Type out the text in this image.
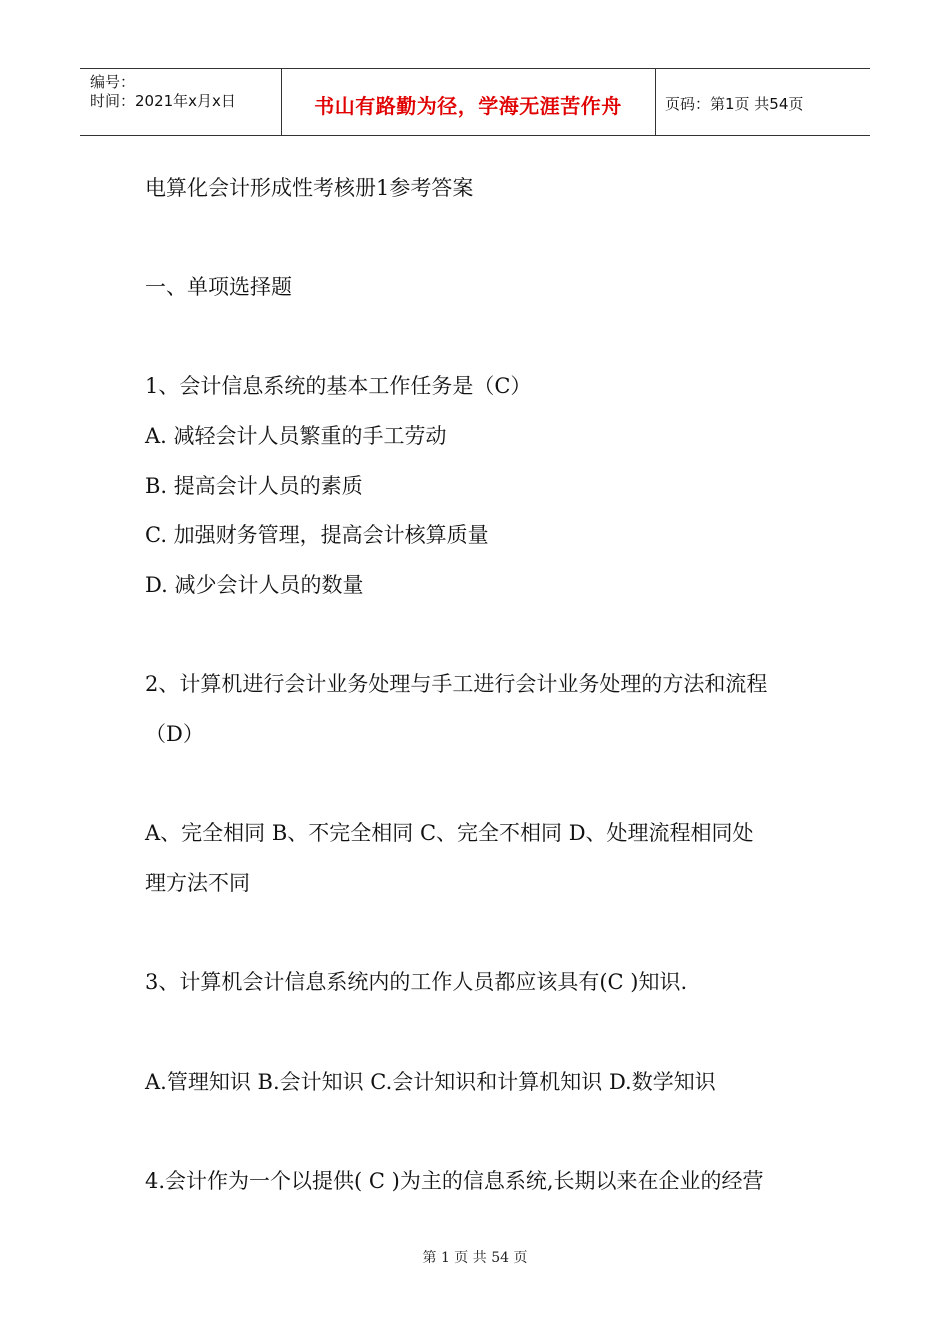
编号：
时间：2021年x月x日	书山有路勤为径，学海无涯苦作舟	页码：第1页 共54页
电算化会计形成性考核册1参考答案
一、单项选择题
1、会计信息系统的基本工作任务是（C）
A. 减轻会计人员繁重的手工劳动
B. 提高会计人员的素质
C. 加强财务管理，提高会计核算质量
D. 减少会计人员的数量
2、计算机进行会计业务处理与手工进行会计业务处理的方法和流程
（D）
A、完全相同 B、不完全相同 C、完全不相同 D、处理流程相同处
理方法不同
3、计算机会计信息系统内的工作人员都应该具有(C )知识.
A.管理知识 B.会计知识 C.会计知识和计算机知识 D.数学知识
4.会计作为一个以提供( C )为主的信息系统,长期以来在企业的经营
第 1 页 共 54 页
